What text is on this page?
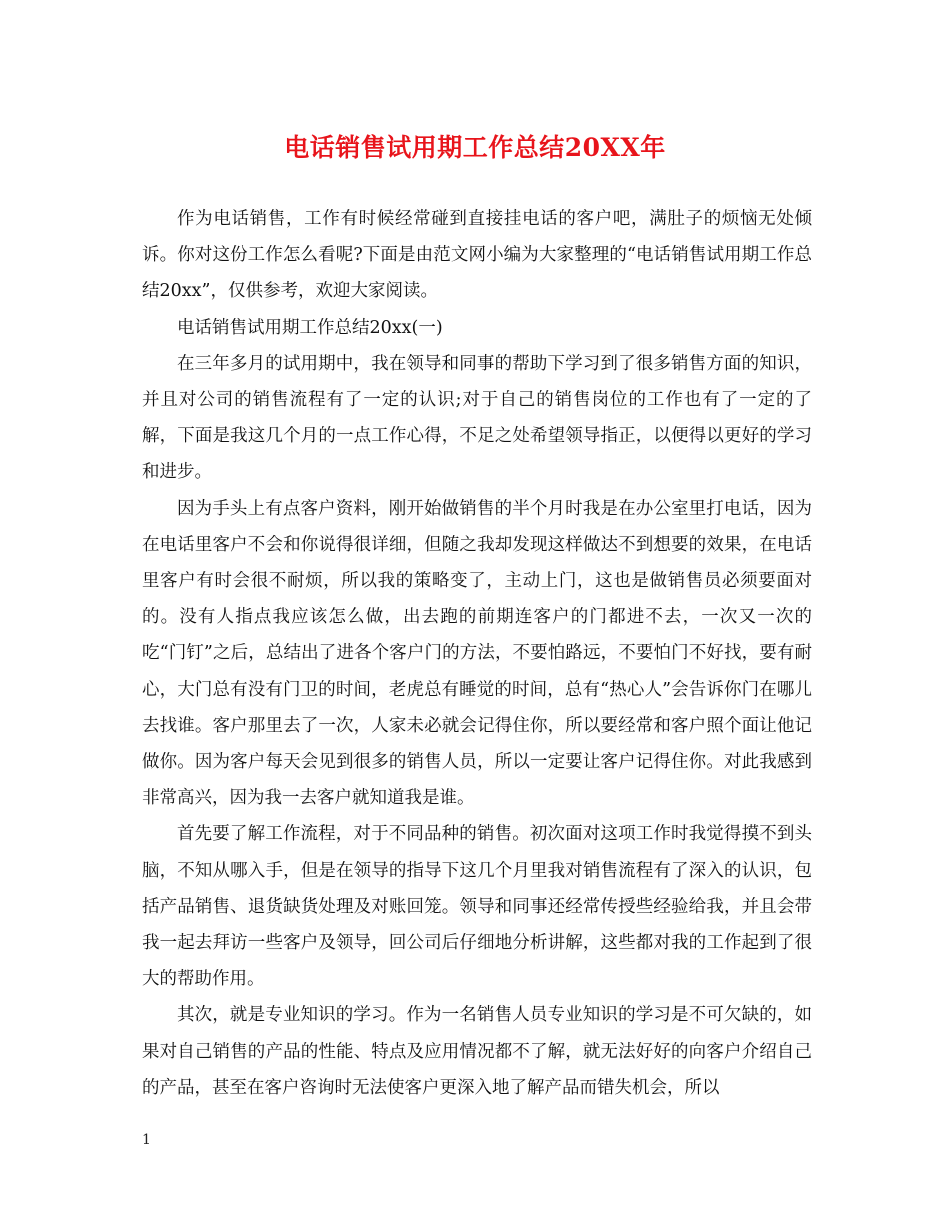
电话销售试用期工作总结20XX年

作为电话销售，工作有时候经常碰到直接挂电话的客户吧，满肚子的烦恼无处倾诉。你对这份工作怎么看呢?下面是由范文网小编为大家整理的“电话销售试用期工作总结20xx”，仅供参考，欢迎大家阅读。

电话销售试用期工作总结20xx(一)

在三年多月的试用期中，我在领导和同事的帮助下学习到了很多销售方面的知识，并且对公司的销售流程有了一定的认识;对于自己的销售岗位的工作也有了一定的了解，下面是我这几个月的一点工作心得，不足之处希望领导指正，以便得以更好的学习和进步。

因为手头上有点客户资料，刚开始做销售的半个月时我是在办公室里打电话，因为在电话里客户不会和你说得很详细，但随之我却发现这样做达不到想要的效果，在电话里客户有时会很不耐烦，所以我的策略变了，主动上门，这也是做销售员必须要面对的。没有人指点我应该怎么做，出去跑的前期连客户的门都进不去，一次又一次的吃“门钉”之后，总结出了进各个客户门的方法，不要怕路远，不要怕门不好找，要有耐心，大门总有没有门卫的时间，老虎总有睡觉的时间，总有“热心人”会告诉你门在哪儿去找谁。客户那里去了一次，人家未必就会记得住你，所以要经常和客户照个面让他记做你。因为客户每天会见到很多的销售人员，所以一定要让客户记得住你。对此我感到非常高兴，因为我一去客户就知道我是谁。

首先要了解工作流程，对于不同品种的销售。初次面对这项工作时我觉得摸不到头脑，不知从哪入手，但是在领导的指导下这几个月里我对销售流程有了深入的认识，包括产品销售、退货缺货处理及对账回笼。领导和同事还经常传授些经验给我，并且会带我一起去拜访一些客户及领导，回公司后仔细地分析讲解，这些都对我的工作起到了很大的帮助作用。

其次，就是专业知识的学习。作为一名销售人员专业知识的学习是不可欠缺的，如果对自己销售的产品的性能、特点及应用情况都不了解，就无法好好的向客户介绍自己的产品，甚至在客户咨询时无法使客户更深入地了解产品而错失机会，所以

1
